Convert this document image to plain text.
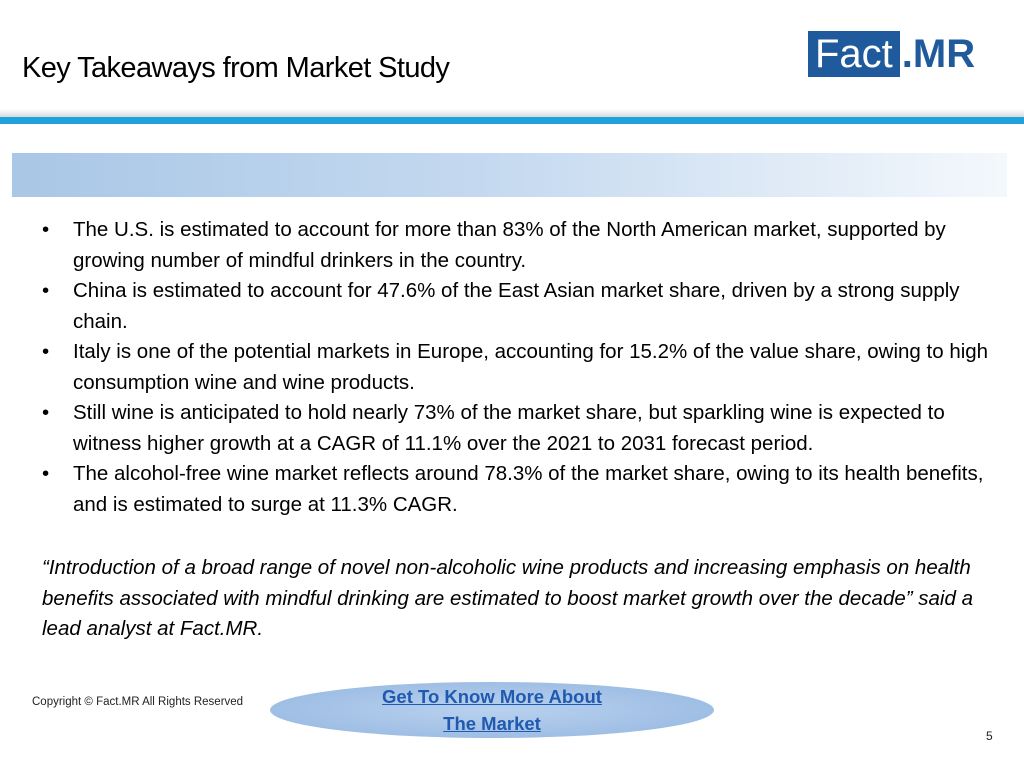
Key Takeaways from Market Study	Fact .MR
• The U.S. is estimated to account for more than 83% of the North American market, supported by growing number of mindful drinkers in the country.
• China is estimated to account for 47.6% of the East Asian market share, driven by a strong supply chain.
• Italy is one of the potential markets in Europe, accounting for 15.2% of the value share, owing to high consumption wine and wine products.
• Still wine is anticipated to hold nearly 73% of the market share, but sparkling wine is expected to witness higher growth at a CAGR of 11.1% over the 2021 to 2031 forecast period.
• The alcohol-free wine market reflects around 78.3% of the market share, owing to its health benefits, and is estimated to surge at 11.3% CAGR.
“Introduction of a broad range of novel non-alcoholic wine products and increasing emphasis on health benefits associated with mindful drinking are estimated to boost market growth over the decade” said a lead analyst at Fact.MR.
Copyright © Fact.MR All Rights Reserved	Get To Know More About
The Market
5
